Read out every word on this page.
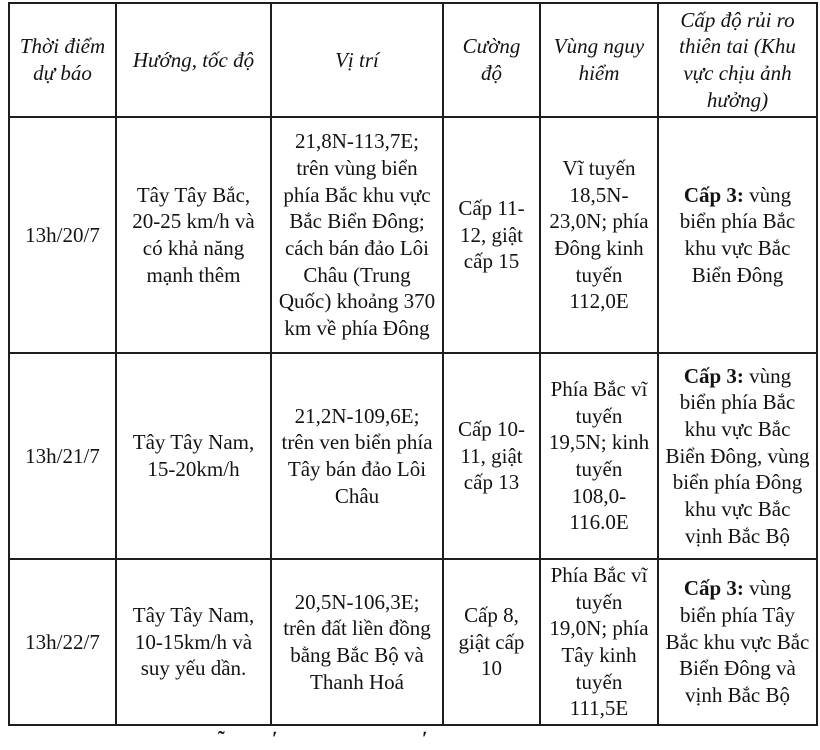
Thời điểm dự báo	Hướng, tốc độ	Vị trí	Cường độ	Vùng nguy hiểm	Cấp độ rủi ro thiên tai (Khu vực chịu ảnh hưởng)
13h/20/7	Tây Tây Bắc, 20-25 km/h và có khả năng mạnh thêm	21,8N-113,7E; trên vùng biển phía Bắc khu vực Bắc Biển Đông; cách bán đảo Lôi Châu (Trung Quốc) khoảng 370 km về phía Đông	Cấp 11-12, giật cấp 15	Vĩ tuyến 18,5N-23,0N; phía Đông kinh tuyến 112,0E	Cấp 3: vùng biển phía Bắc khu vực Bắc Biển Đông
13h/21/7	Tây Tây Nam, 15-20km/h	21,2N-109,6E; trên ven biển phía Tây bán đảo Lôi Châu	Cấp 10-11, giật cấp 13	Phía Bắc vĩ tuyến 19,5N; kinh tuyến 108,0-116.0E	Cấp 3: vùng biển phía Bắc khu vực Bắc Biển Đông, vùng biển phía Đông khu vực Bắc vịnh Bắc Bộ
13h/22/7	Tây Tây Nam, 10-15km/h và suy yếu dần.	20,5N-106,3E; trên đất liền đồng bằng Bắc Bộ và Thanh Hoá	Cấp 8, giật cấp 10	Phía Bắc vĩ tuyến 19,0N; phía Tây kinh tuyến 111,5E	Cấp 3: vùng biển phía Tây Bắc khu vực Bắc Biển Đông và vịnh Bắc Bộ
˜ ʹ	ʹ
